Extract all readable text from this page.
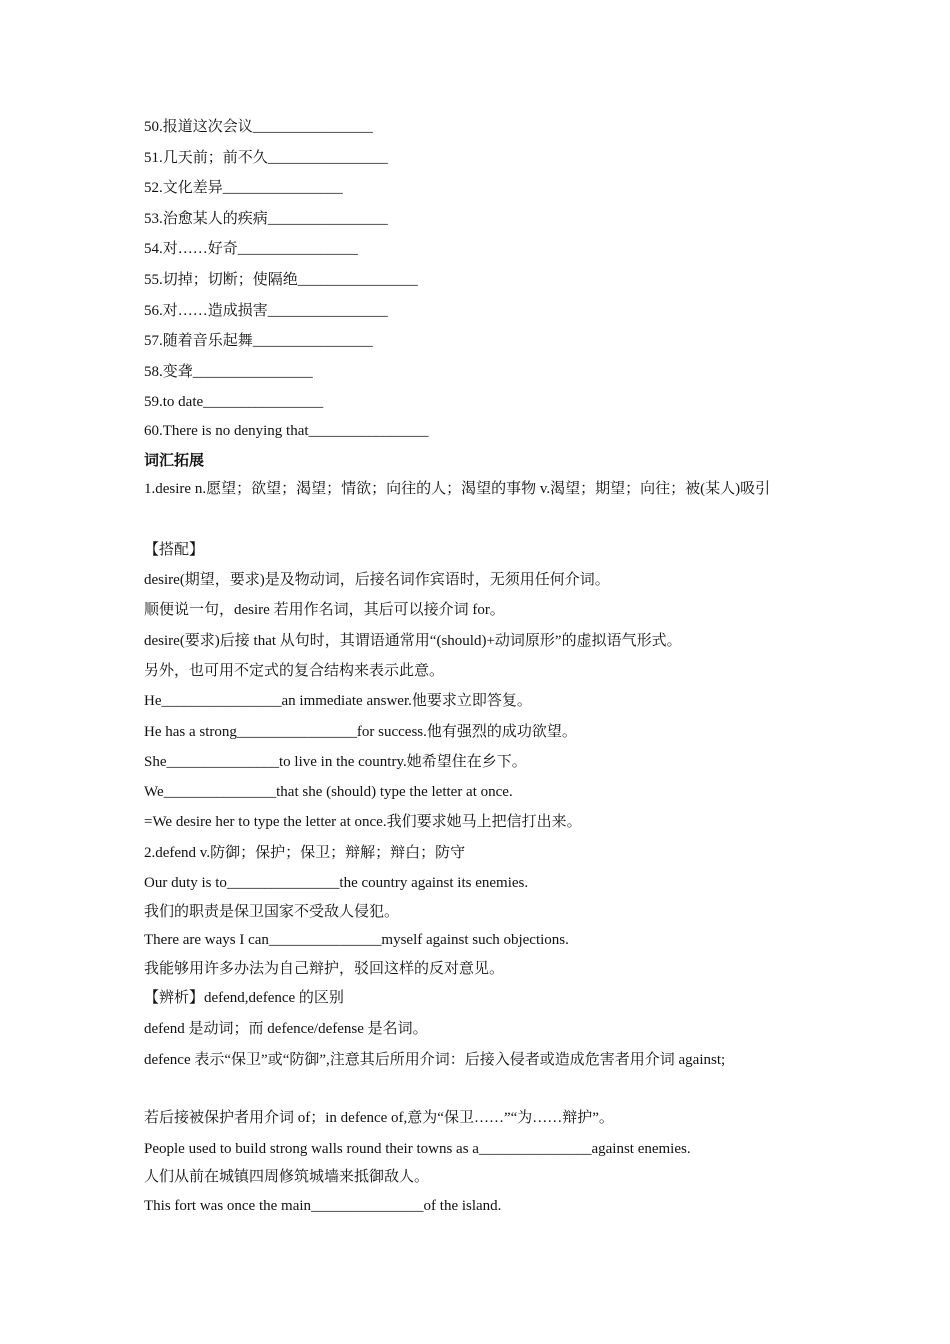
50.报道这次会议________________
51.几天前；前不久________________
52.文化差异________________
53.治愈某人的疾病________________
54.对……好奇________________
55.切掉；切断；使隔绝________________
56.对……造成损害________________
57.随着音乐起舞________________
58.变聋________________
59.to date________________
60.There is no denying that________________
词汇拓展
1.desire n.愿望；欲望；渴望；情欲；向往的人；渴望的事物 v.渴望；期望；向往；被(某人)吸引
【搭配】
desire(期望，要求)是及物动词，后接名词作宾语时，无须用任何介词。
顺便说一句，desire 若用作名词，其后可以接介词 for。
desire(要求)后接 that 从句时，其谓语通常用“(should)+动词原形”的虚拟语气形式。
另外，也可用不定式的复合结构来表示此意。
He________________an immediate answer.他要求立即答复。
He has a strong________________for success.他有强烈的成功欲望。
She_______________to live in the country.她希望住在乡下。
We_______________that she (should) type the letter at once.
=We desire her to type the letter at once.我们要求她马上把信打出来。
2.defend v.防御；保护；保卫；辩解；辩白；防守
Our duty is to_______________the country against its enemies.
我们的职责是保卫国家不受敌人侵犯。
There are ways I can_______________myself against such objections.
我能够用许多办法为自己辩护，驳回这样的反对意见。
【辨析】defend,defence 的区别
defend 是动词；而 defence/defense 是名词。
defence 表示“保卫”或“防御”,注意其后所用介词：后接入侵者或造成危害者用介词 against;
若后接被保护者用介词 of；in defence of,意为“保卫……”“为……辩护”。
People used to build strong walls round their towns as a_______________against enemies.
人们从前在城镇四周修筑城墙来抵御敌人。
This fort was once the main_______________of the island.
